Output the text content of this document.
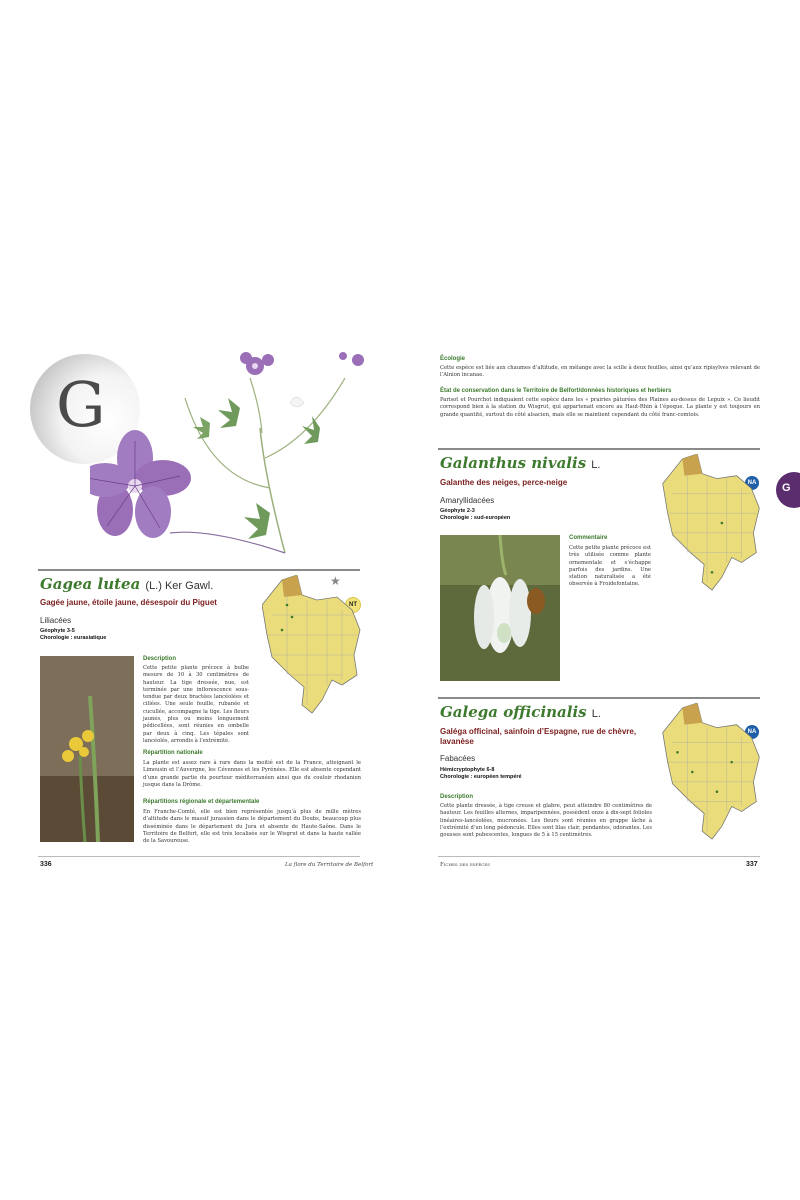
G
Gagea lutea (L.) Ker Gawl.
Gagée jaune, étoile jaune, désespoir du Piguet
Liliacées
Géophyte 3-5
Chorologie : eurasiatique
★
NT
Description
Cette petite plante précoce à bulbe mesure de 10 à 30 centimètres de hauteur. La tige dressée, nue, est terminée par une inflorescence sous-tendue par deux bractées lancéolées et ciliées. Une seule feuille, rubanée et cucullée, accompagne la tige. Les fleurs jaunes, plus ou moins longuement pédicellées, sont réunies en ombelle par deux à cinq. Les tépales sont lancéolés, arrondis à l’extrémité.
Répartition nationale
La plante est assez rare à rare dans la moitié est de la France, atteignant le Limousin et l’Auvergne, les Cévennes et les Pyrénées. Elle est absente cependant d’une grande partie du pourtour méditerranéen ainsi que du couloir rhodanien jusque dans la Drôme.
Répartitions régionale et départementale
En Franche-Comté, elle est bien représentée jusqu’à plus de mille mètres d’altitude dans le massif jurassien dans le département du Doubs, beaucoup plus disséminée dans le département du Jura et absente de Haute-Saône. Dans le Territoire de Belfort, elle est très localisée sur le Wisgrut et dans la haute vallée de la Savoureuse.
336	La flore du Territoire de Belfort
Écologie
Cette espèce est liée aux chaumes d’altitude, en mélange avec la scille à deux feuilles, ainsi qu’aux ripisylves relevant de l’Alnion incanae.
État de conservation dans le Territoire de Belfort/données historiques et herbiers
Parisot et Pourchot indiquaient cette espèce dans les « prairies pâturées des Plaines au-dessus de Lepuix ». Ce lieudit correspond bien à la station du Wisgrut, qui appartenait encore au Haut-Rhin à l’époque. La plante y est toujours en grande quantité, surtout du côté alsacien, mais elle se maintient cependant du côté franc-comtois.
Galanthus nivalis L.
Galanthe des neiges, perce-neige
Amaryllidacées
Géophyte 2-3
Chorologie : sud-européen
Commentaire
Cette petite plante précoce est très utilisée comme plante ornementale et s’échappe parfois des jardins. Une station naturalisée a été observée à Froidefontaine.
NA
Galega officinalis L.
Galéga officinal, sainfoin d’Espagne, rue de chèvre, lavanèse
Fabacées
Hémicryptophyte 6-8
Chorologie : européen tempéré
Description
Cette plante dressée, à tige creuse et glabre, peut atteindre 80 centimètres de hauteur. Les feuilles alternes, imparipennées, possèdent onze à dix-sept folioles linéaires-lancéolées, mucronées. Les fleurs sont réunies en grappe lâche à l’extrémité d’un long pédoncule. Elles sont lilas clair, pendantes, odorantes. Les gousses sont pubescentes, longues de 5 à 15 centimètres.
NA
Fiches des espèces	337
G
